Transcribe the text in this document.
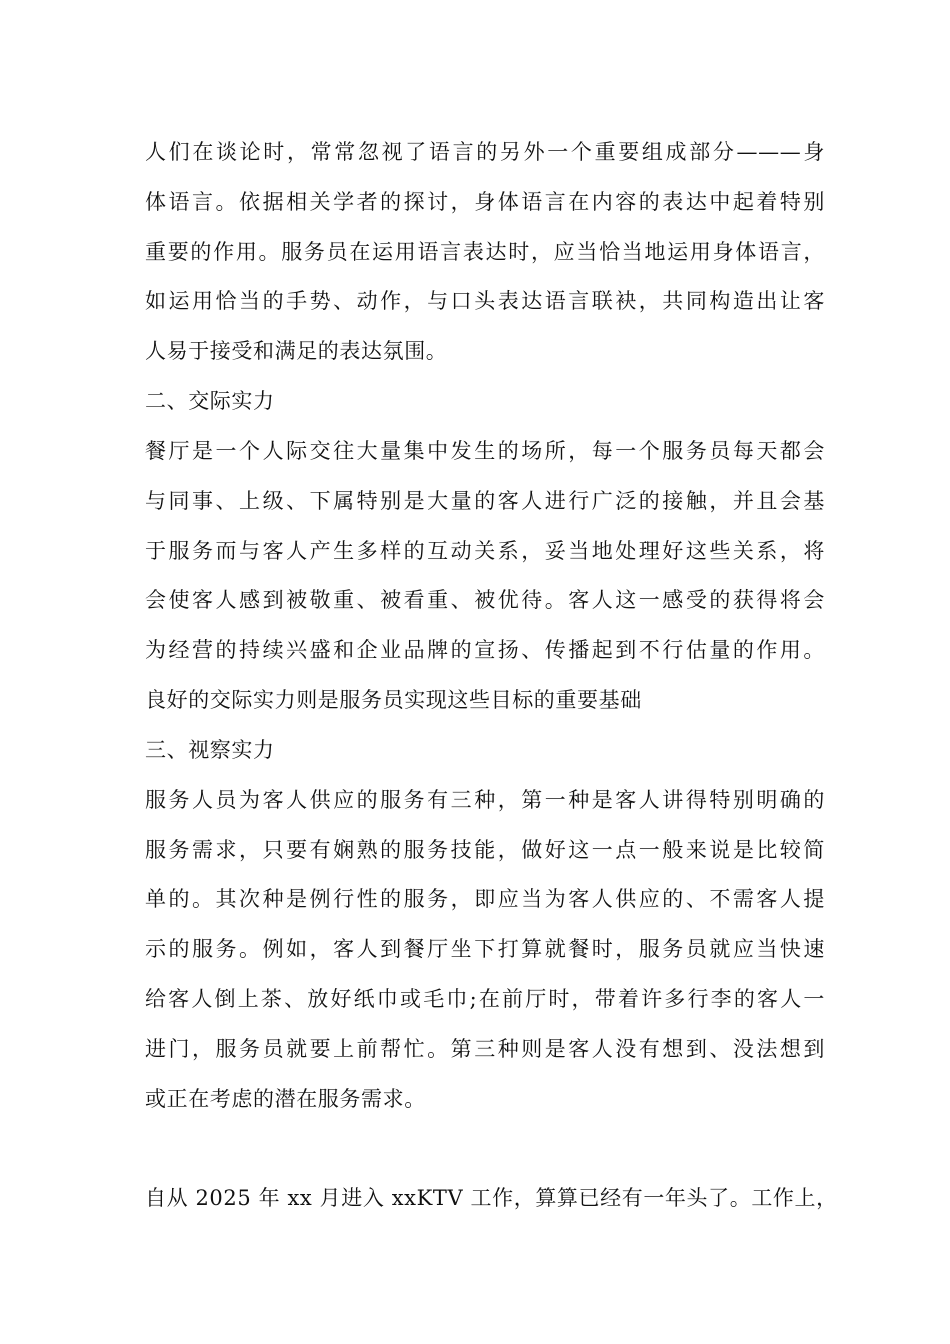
人们在谈论时，常常忽视了语言的另外一个重要组成部分———身
体语言。依据相关学者的探讨，身体语言在内容的表达中起着特别
重要的作用。服务员在运用语言表达时，应当恰当地运用身体语言，
如运用恰当的手势、动作，与口头表达语言联袂，共同构造出让客
人易于接受和满足的表达氛围。
二、交际实力
餐厅是一个人际交往大量集中发生的场所，每一个服务员每天都会
与同事、上级、下属特别是大量的客人进行广泛的接触，并且会基
于服务而与客人产生多样的互动关系，妥当地处理好这些关系，将
会使客人感到被敬重、被看重、被优待。客人这一感受的获得将会
为经营的持续兴盛和企业品牌的宣扬、传播起到不行估量的作用。
良好的交际实力则是服务员实现这些目标的重要基础
三、视察实力
服务人员为客人供应的服务有三种，第一种是客人讲得特别明确的
服务需求，只要有娴熟的服务技能，做好这一点一般来说是比较简
单的。其次种是例行性的服务，即应当为客人供应的、不需客人提
示的服务。例如，客人到餐厅坐下打算就餐时，服务员就应当快速
给客人倒上茶、放好纸巾或毛巾;在前厅时，带着许多行李的客人一
进门，服务员就要上前帮忙。第三种则是客人没有想到、没法想到
或正在考虑的潜在服务需求。
自从 2025 年 xx 月进入 xxKTV 工作，算算已经有一年头了。工作上，
